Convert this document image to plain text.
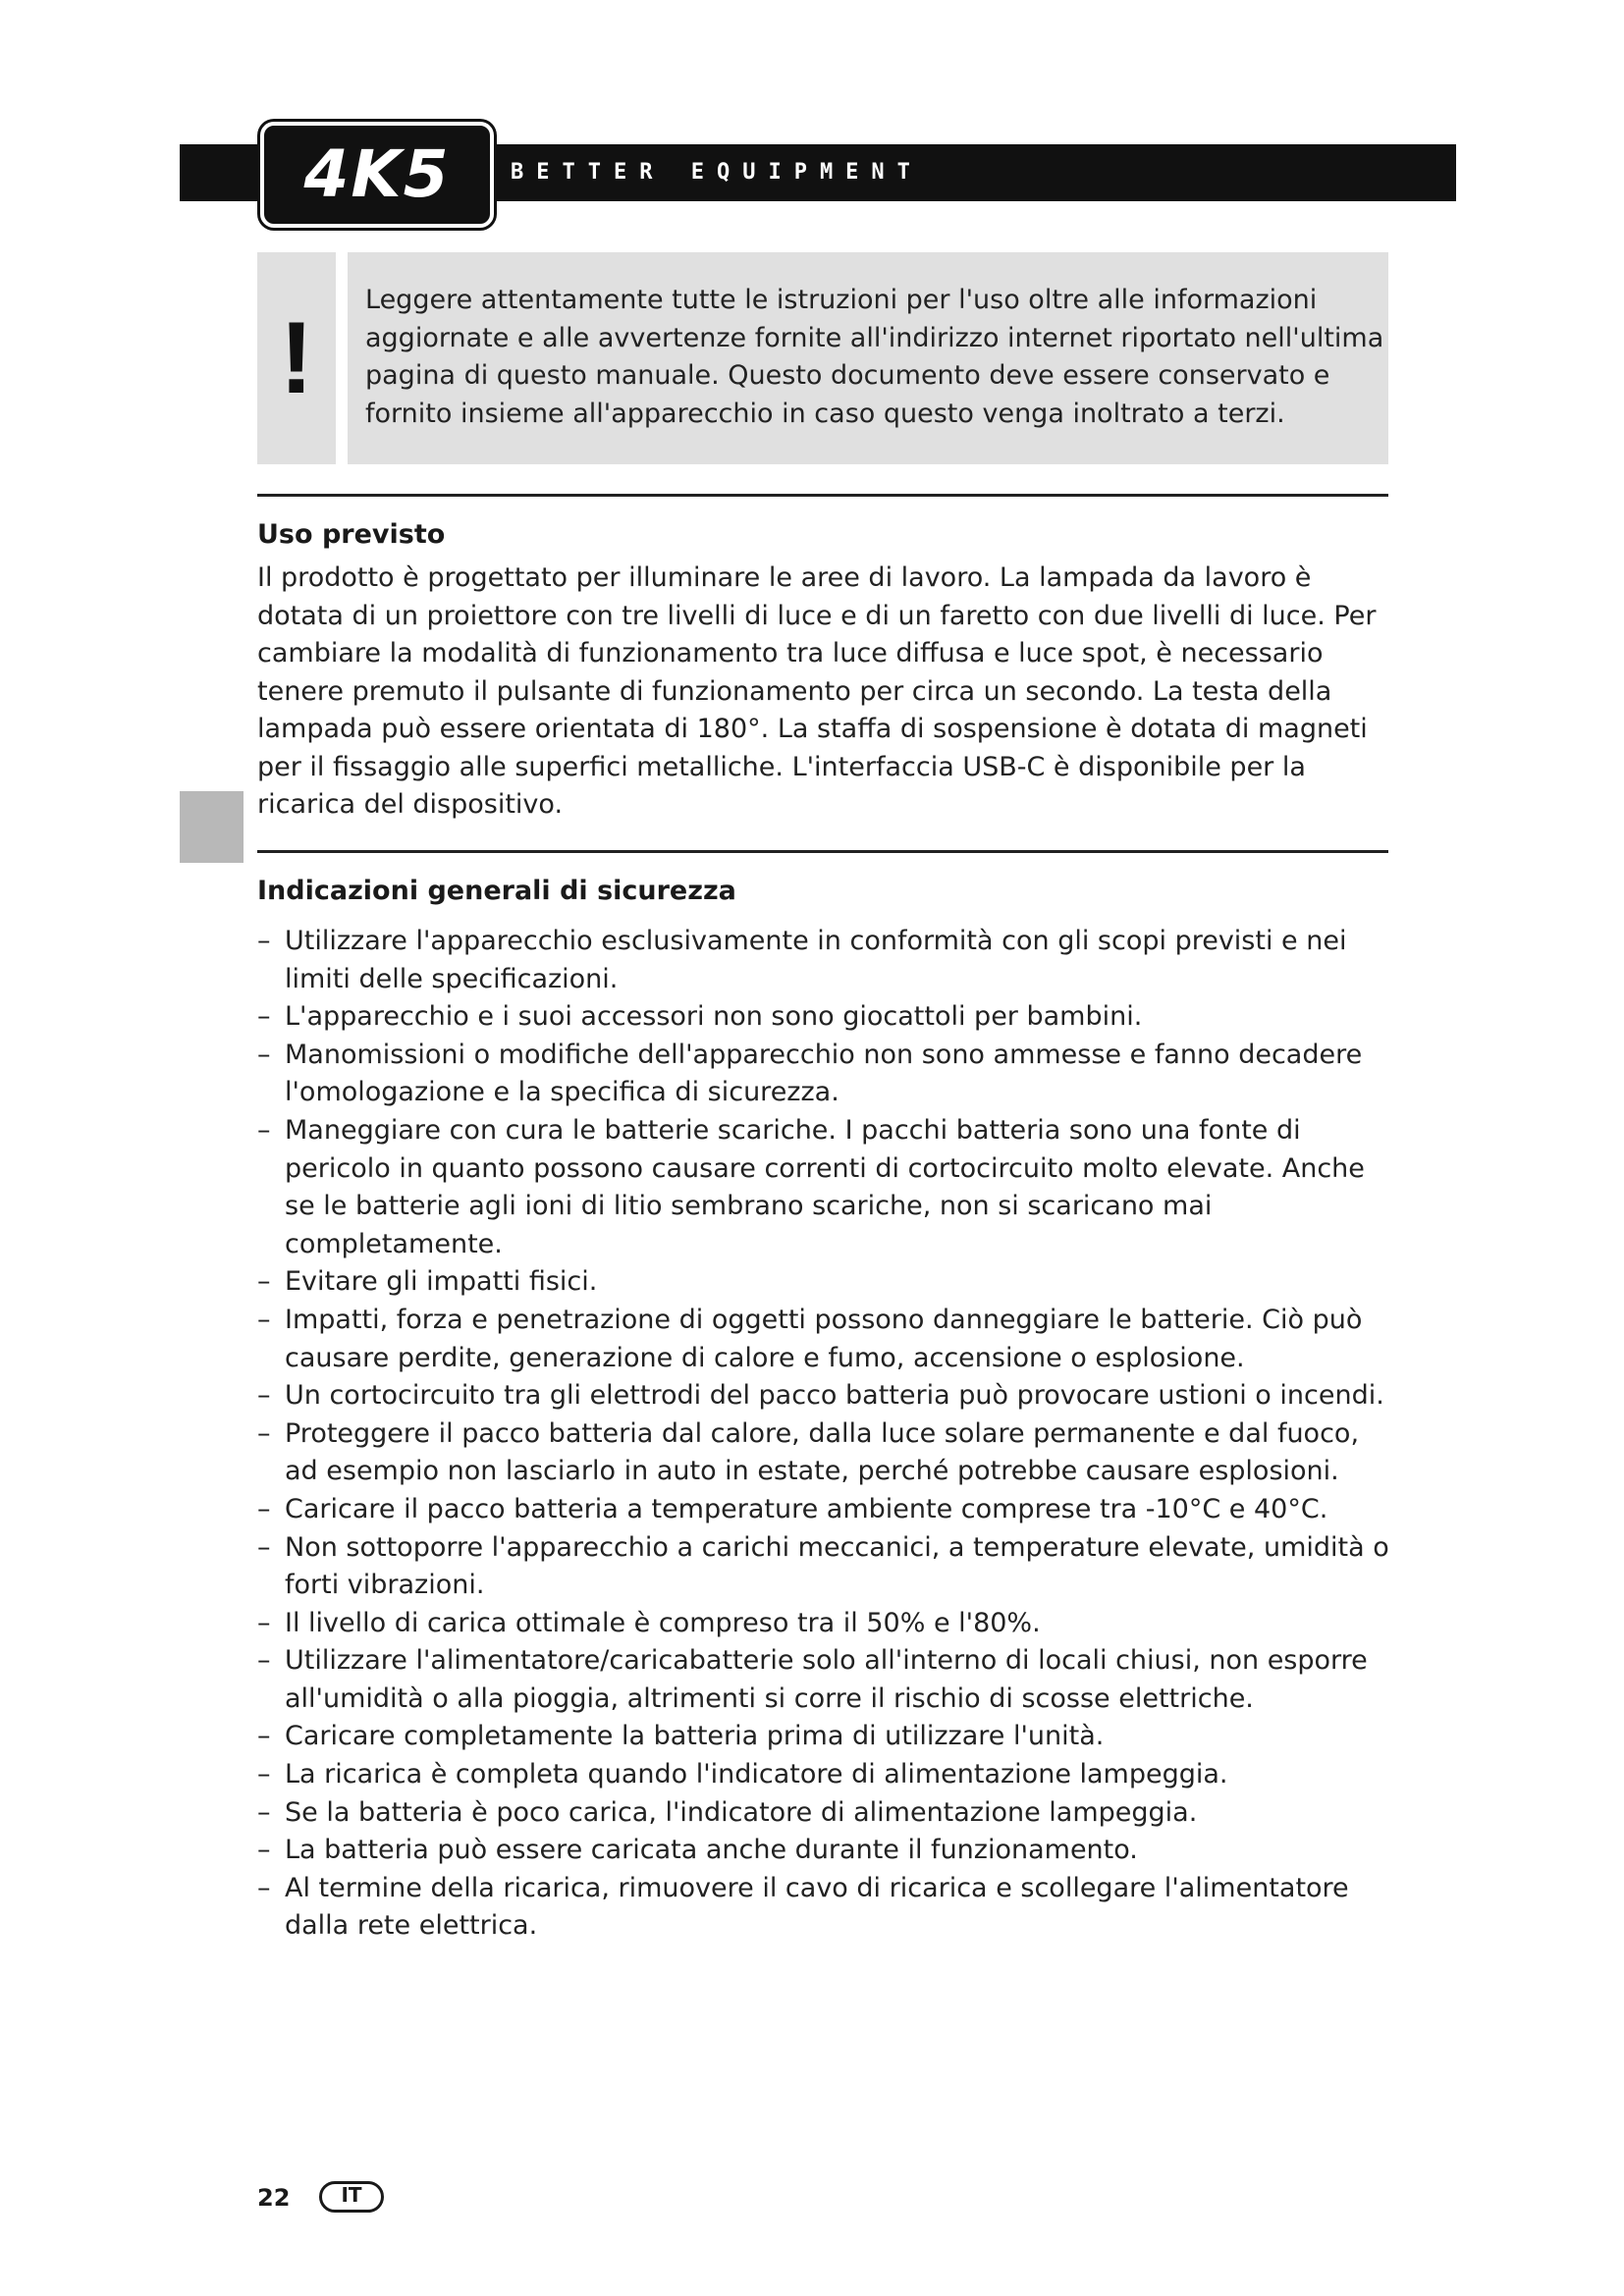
4K5	BETTER EQUIPMENT
!

Leggere attentamente tutte le istruzioni per l'uso oltre alle informazioni aggiornate e alle avvertenze fornite all'indirizzo internet riportato nell'ultima pagina di questo manuale. Questo documento deve essere conservato e fornito insieme all'apparecchio in caso questo venga inoltrato a terzi.

Uso previsto

Il prodotto è progettato per illuminare le aree di lavoro. La lampada da lavoro è dotata di un proiettore con tre livelli di luce e di un faretto con due livelli di luce. Per cambiare la modalità di funzionamento tra luce diffusa e luce spot, è necessario tenere premuto il pulsante di funzionamento per circa un secondo. La testa della lampada può essere orientata di 180°. La staffa di sospensione è dotata di magneti per il fissaggio alle superfici metalliche. L'interfaccia USB-C è disponibile per la ricarica del dispositivo.

Indicazioni generali di sicurezza
– Utilizzare l'apparecchio esclusivamente in conformità con gli scopi previsti e nei limiti delle specificazioni.
– L'apparecchio e i suoi accessori non sono giocattoli per bambini.
– Manomissioni o modifiche dell'apparecchio non sono ammesse e fanno decadere l'omologazione e la specifica di sicurezza.
– Maneggiare con cura le batterie scariche. I pacchi batteria sono una fonte di pericolo in quanto possono causare correnti di cortocircuito molto elevate. Anche se le batterie agli ioni di litio sembrano scariche, non si scaricano mai completamente.
– Evitare gli impatti fisici.
– Impatti, forza e penetrazione di oggetti possono danneggiare le batterie. Ciò può causare perdite, generazione di calore e fumo, accensione o esplosione.
– Un cortocircuito tra gli elettrodi del pacco batteria può provocare ustioni o incendi.
– Proteggere il pacco batteria dal calore, dalla luce solare permanente e dal fuoco, ad esempio non lasciarlo in auto in estate, perché potrebbe causare esplosioni.
– Caricare il pacco batteria a temperature ambiente comprese tra -10°C e 40°C.
– Non sottoporre l'apparecchio a carichi meccanici, a temperature elevate, umidità o forti vibrazioni.
– Il livello di carica ottimale è compreso tra il 50% e l'80%.
– Utilizzare l'alimentatore/caricabatterie solo all'interno di locali chiusi, non esporre all'umidità o alla pioggia, altrimenti si corre il rischio di scosse elettriche.
– Caricare completamente la batteria prima di utilizzare l'unità.
– La ricarica è completa quando l'indicatore di alimentazione lampeggia.
– Se la batteria è poco carica, l'indicatore di alimentazione lampeggia.
– La batteria può essere caricata anche durante il funzionamento.
– Al termine della ricarica, rimuovere il cavo di ricarica e scollegare l'alimentatore dalla rete elettrica.

22	IT
